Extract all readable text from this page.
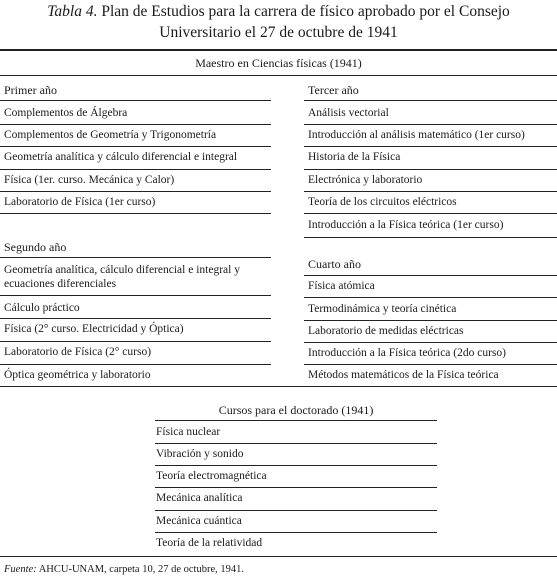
Tabla 4. Plan de Estudios para la carrera de físico aprobado por el Consejo
Universitario el 27 de octubre de 1941
Maestro en Ciencias físicas (1941)
Primer año
Complementos de Álgebra
Complementos de Geometría y Trigonometría
Geometría analítica y cálculo diferencial e integral
Física (1er. curso. Mecánica y Calor)
Laboratorio de Física (1er curso)
Segundo año
Geometría analítica, cálculo diferencial e integral y ecuaciones diferenciales
Cálculo práctico
Física (2° curso. Electricidad y Óptica)
Laboratorio de Física (2° curso)
Óptica geométrica y laboratorio
Tercer año
Análisis vectorial
Introducción al análisis matemático (1er curso)
Historia de la Física
Electrónica y laboratorio
Teoría de los circuitos eléctricos
Introducción a la Física teórica (1er curso)
Cuarto año
Física atómica
Termodinámica y teoría cinética
Laboratorio de medidas eléctricas
Introducción a la Física teórica (2do curso)
Métodos matemáticos de la Física teórica
Cursos para el doctorado (1941)
Física nuclear
Vibración y sonido
Teoría electromagnética
Mecánica analítica
Mecánica cuántica
Teoría de la relatividad
Fuente: AHCU-UNAM, carpeta 10, 27 de octubre, 1941.
